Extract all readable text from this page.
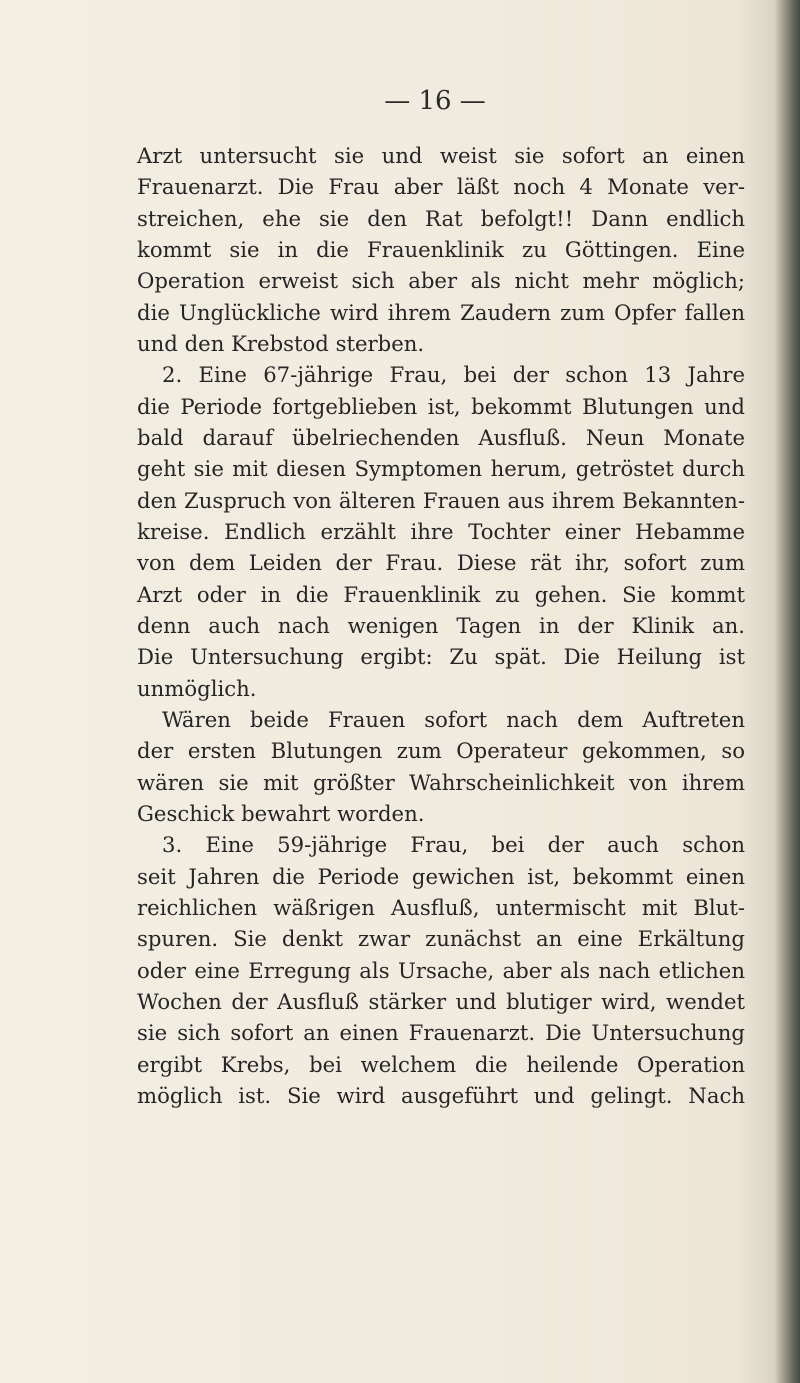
— 16 —
Arzt untersucht sie und weist sie sofort an einen
Frauenarzt. Die Frau aber läßt noch 4 Monate ver-
streichen, ehe sie den Rat befolgt!! Dann endlich
kommt sie in die Frauenklinik zu Göttingen. Eine
Operation erweist sich aber als nicht mehr möglich;
die Unglückliche wird ihrem Zaudern zum Opfer fallen
und den Krebstod sterben.
2. Eine 67-jährige Frau, bei der schon 13 Jahre
die Periode fortgeblieben ist, bekommt Blutungen und
bald darauf übelriechenden Ausfluß. Neun Monate
geht sie mit diesen Symptomen herum, getröstet durch
den Zuspruch von älteren Frauen aus ihrem Bekannten-
kreise. Endlich erzählt ihre Tochter einer Hebamme
von dem Leiden der Frau. Diese rät ihr, sofort zum
Arzt oder in die Frauenklinik zu gehen. Sie kommt
denn auch nach wenigen Tagen in der Klinik an.
Die Untersuchung ergibt: Zu spät. Die Heilung ist
unmöglich.
Wären beide Frauen sofort nach dem Auftreten
der ersten Blutungen zum Operateur gekommen, so
wären sie mit größter Wahrscheinlichkeit von ihrem
Geschick bewahrt worden.
3. Eine 59-jährige Frau, bei der auch schon
seit Jahren die Periode gewichen ist, bekommt einen
reichlichen wäßrigen Ausfluß, untermischt mit Blut-
spuren. Sie denkt zwar zunächst an eine Erkältung
oder eine Erregung als Ursache, aber als nach etlichen
Wochen der Ausfluß stärker und blutiger wird, wendet
sie sich sofort an einen Frauenarzt. Die Untersuchung
ergibt Krebs, bei welchem die heilende Operation
möglich ist. Sie wird ausgeführt und gelingt. Nach
